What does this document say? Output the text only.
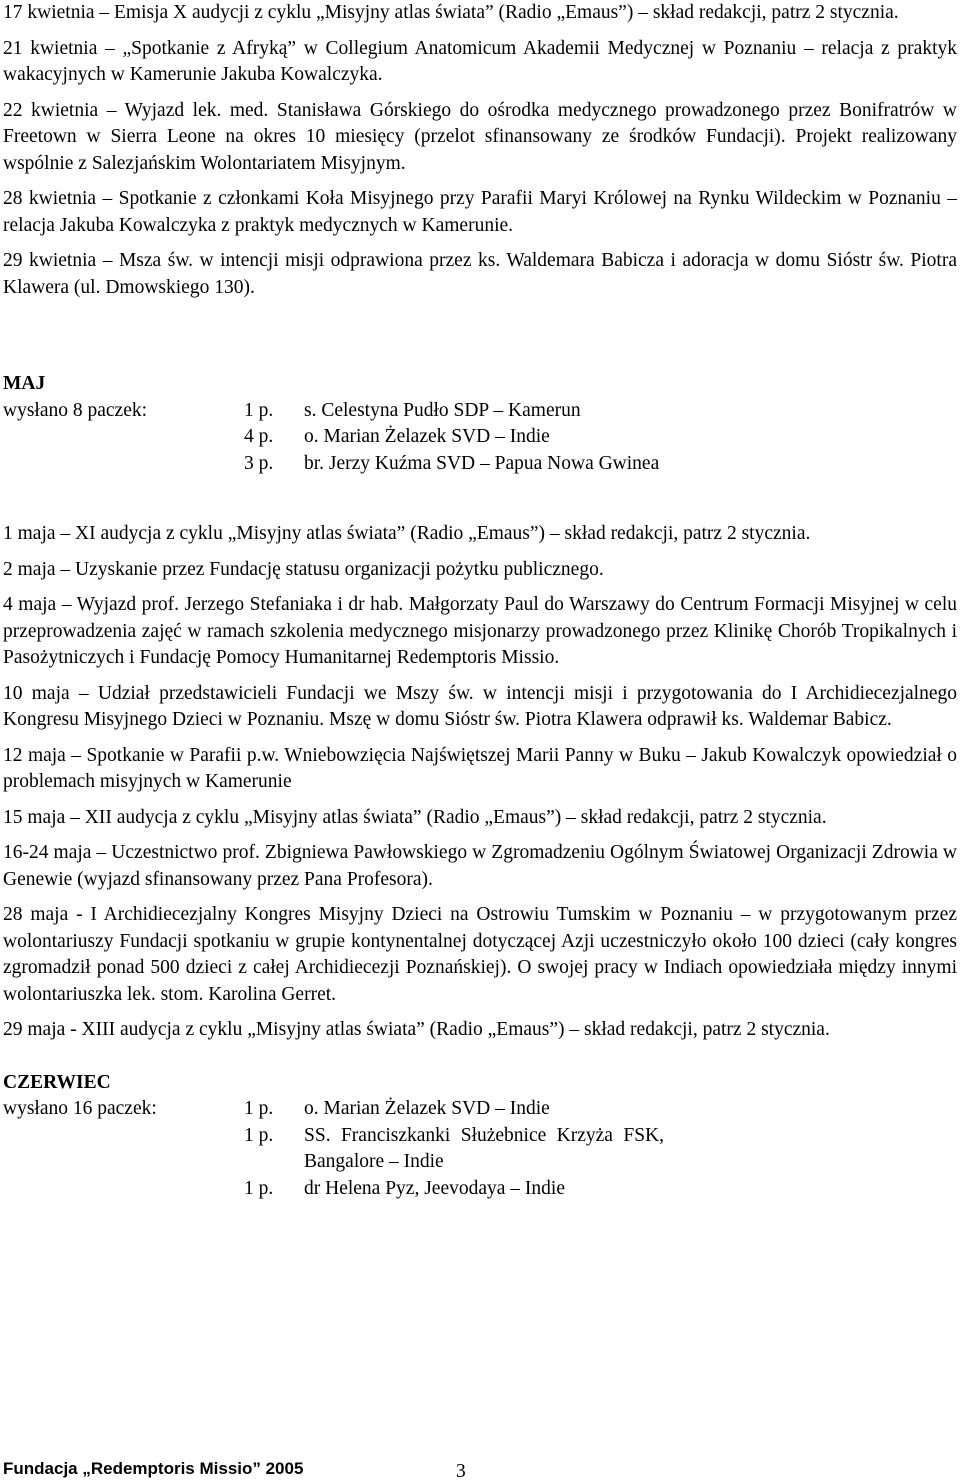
17 kwietnia – Emisja X audycji z cyklu „Misyjny atlas świata” (Radio „Emaus”) – skład redakcji, patrz 2 stycznia.

21 kwietnia – „Spotkanie z Afryką” w Collegium Anatomicum Akademii Medycznej w Poznaniu – relacja z praktyk wakacyjnych w Kamerunie Jakuba Kowalczyka.

22 kwietnia – Wyjazd lek. med. Stanisława Górskiego do ośrodka medycznego prowadzonego przez Bonifratrów w Freetown w Sierra Leone na okres 10 miesięcy (przelot sfinansowany ze środków Fundacji). Projekt realizowany wspólnie z Salezjańskim Wolontariatem Misyjnym.

28 kwietnia – Spotkanie z członkami Koła Misyjnego przy Parafii Maryi Królowej na Rynku Wildeckim w Poznaniu – relacja Jakuba Kowalczyka z praktyk medycznych w Kamerunie.

29 kwietnia – Msza św. w intencji misji odprawiona przez ks. Waldemara Babicza i adoracja w domu Sióstr św. Piotra Klawera (ul. Dmowskiego 130).

MAJ
wysłano 8 paczek:	1 p.	s. Celestyna Pudło SDP – Kamerun
4 p.	o. Marian Żelazek SVD – Indie
3 p.	br. Jerzy Kuźma SVD – Papua Nowa Gwinea

1 maja – XI audycja z cyklu „Misyjny atlas świata” (Radio „Emaus”) – skład redakcji, patrz 2 stycznia.

2 maja – Uzyskanie przez Fundację statusu organizacji pożytku publicznego.

4 maja – Wyjazd prof. Jerzego Stefaniaka i dr hab. Małgorzaty Paul do Warszawy do Centrum Formacji Misyjnej w celu przeprowadzenia zajęć w ramach szkolenia medycznego misjonarzy prowadzonego przez Klinikę Chorób Tropikalnych i Pasożytniczych i Fundację Pomocy Humanitarnej Redemptoris Missio.

10 maja – Udział przedstawicieli Fundacji we Mszy św. w intencji misji i przygotowania do I Archidiecezjalnego Kongresu Misyjnego Dzieci w Poznaniu. Mszę w domu Sióstr św. Piotra Klawera odprawił ks. Waldemar Babicz.

12 maja – Spotkanie w Parafii p.w. Wniebowzięcia Najświętszej Marii Panny w Buku – Jakub Kowalczyk opowiedział o problemach misyjnych w Kamerunie

15 maja – XII audycja z cyklu „Misyjny atlas świata” (Radio „Emaus”) – skład redakcji, patrz 2 stycznia.

16-24 maja – Uczestnictwo prof. Zbigniewa Pawłowskiego w Zgromadzeniu Ogólnym Światowej Organizacji Zdrowia w Genewie (wyjazd sfinansowany przez Pana Profesora).

28 maja - I Archidiecezjalny Kongres Misyjny Dzieci na Ostrowiu Tumskim w Poznaniu – w przygotowanym przez wolontariuszy Fundacji spotkaniu w grupie kontynentalnej dotyczącej Azji uczestniczyło około 100 dzieci (cały kongres zgromadził ponad 500 dzieci z całej Archidiecezji Poznańskiej). O swojej pracy w Indiach opowiedziała między innymi wolontariuszka lek. stom. Karolina Gerret.

29 maja - XIII audycja z cyklu „Misyjny atlas świata” (Radio „Emaus”) – skład redakcji, patrz 2 stycznia.

CZERWIEC
wysłano 16 paczek:	1 p.	o. Marian Żelazek SVD – Indie
1 p.	SS. Franciszkanki Służebnice Krzyża FSK, Bangalore – Indie
1 p.	dr Helena Pyz, Jeevodaya – Indie
Fundacja „Redemptoris Missio” 2005	3
